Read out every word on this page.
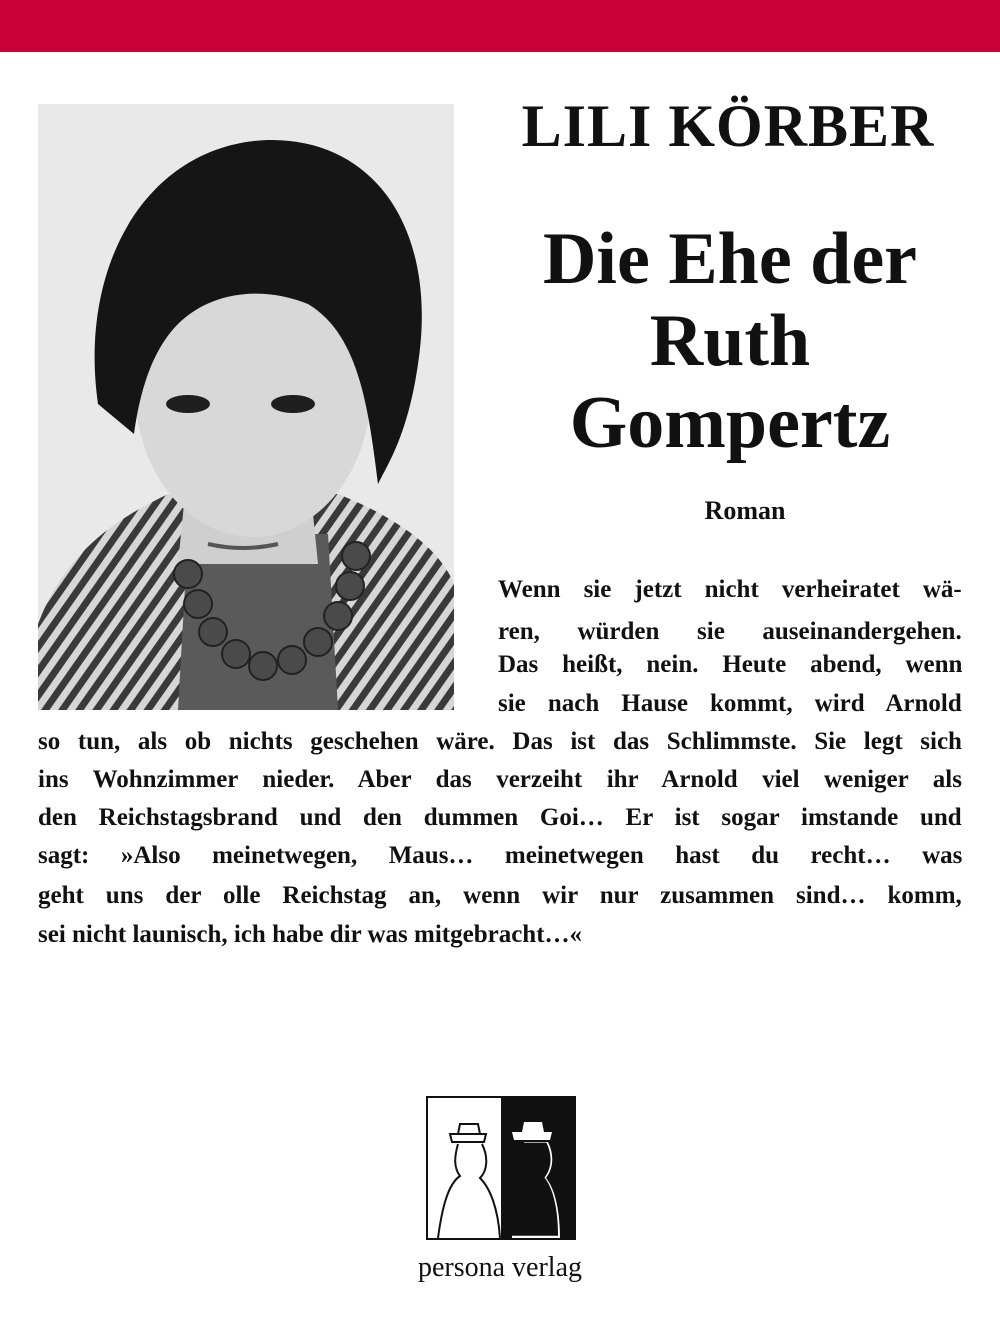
LILI KÖRBER
Die Ehe der
Ruth
Gompertz

Roman

Wenn sie jetzt nicht verheiratet wä-

ren, würden sie auseinandergehen.

Das heißt, nein. Heute abend, wenn

sie nach Hause kommt, wird Arnold

so tun, als ob nichts geschehen wäre. Das ist das Schlimmste. Sie legt sich

ins Wohnzimmer nieder. Aber das verzeiht ihr Arnold viel weniger als

den Reichstagsbrand und den dummen Goi… Er ist sogar imstande und

sagt: »Also meinetwegen, Maus… meinetwegen hast du recht… was

geht uns der olle Reichstag an, wenn wir nur zusammen sind… komm,

sei nicht launisch, ich habe dir was mitgebracht…«

persona verlag
